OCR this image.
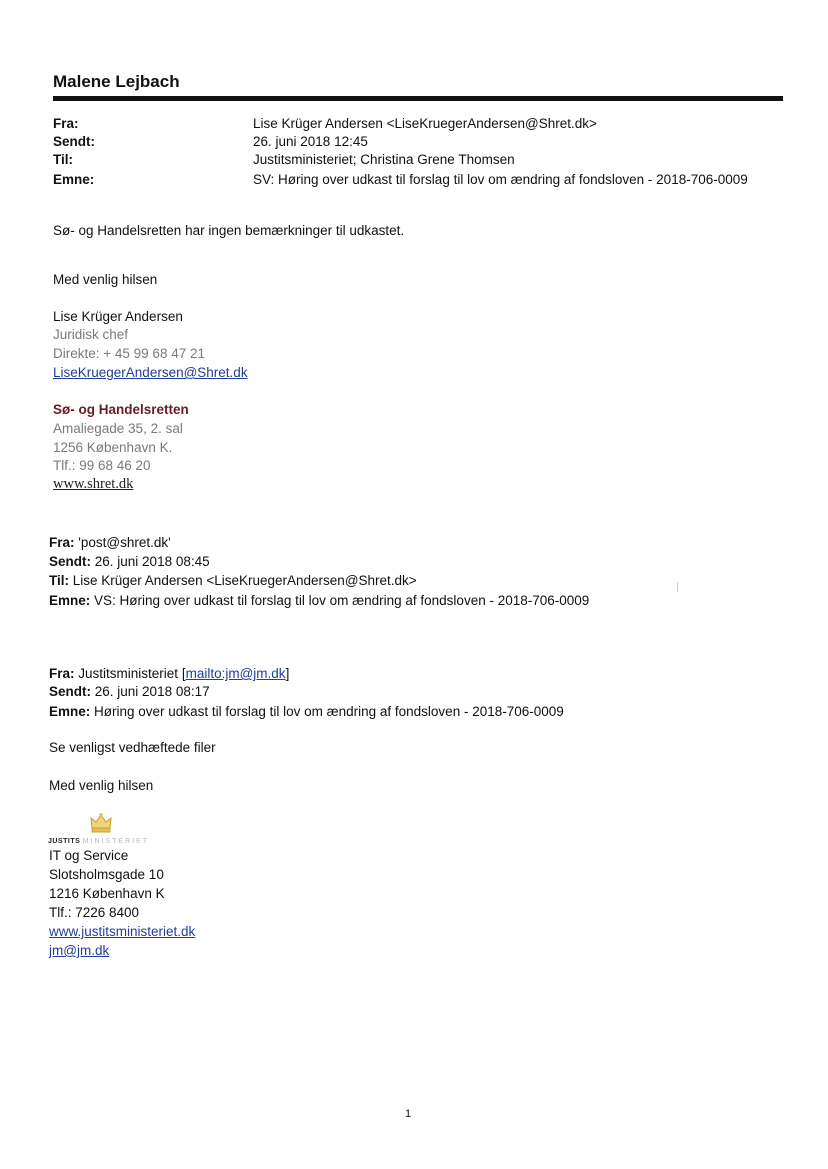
Malene Lejbach
Fra:	Lise Krüger Andersen <LiseKruegerAndersen@Shret.dk>
Sendt:	26. juni 2018 12:45
Til:	Justitsministeriet; Christina Grene Thomsen
Emne:	SV: Høring over udkast til forslag til lov om ændring af fondsloven - 2018-706-0009
Sø- og Handelsretten har ingen bemærkninger til udkastet.
Med venlig hilsen
Lise Krüger Andersen
Juridisk chef
Direkte: + 45 99 68 47 21
LiseKruegerAndersen@Shret.dk
Sø- og Handelsretten
Amaliegade 35, 2. sal
1256 København K.
Tlf.: 99 68 46 20
www.shret.dk
Fra: 'post@shret.dk'
Sendt: 26. juni 2018 08:45
Til: Lise Krüger Andersen <LiseKruegerAndersen@Shret.dk>
Emne: VS: Høring over udkast til forslag til lov om ændring af fondsloven - 2018-706-0009
Fra: Justitsministeriet [mailto:jm@jm.dk]
Sendt: 26. juni 2018 08:17
Emne: Høring over udkast til forslag til lov om ændring af fondsloven - 2018-706-0009
Se venligst vedhæftede filer
Med venlig hilsen
JUSTITS MINISTERIET
IT og Service
Slotsholmsgade 10
1216 København K
Tlf.: 7226 8400
www.justitsministeriet.dk
jm@jm.dk
1
